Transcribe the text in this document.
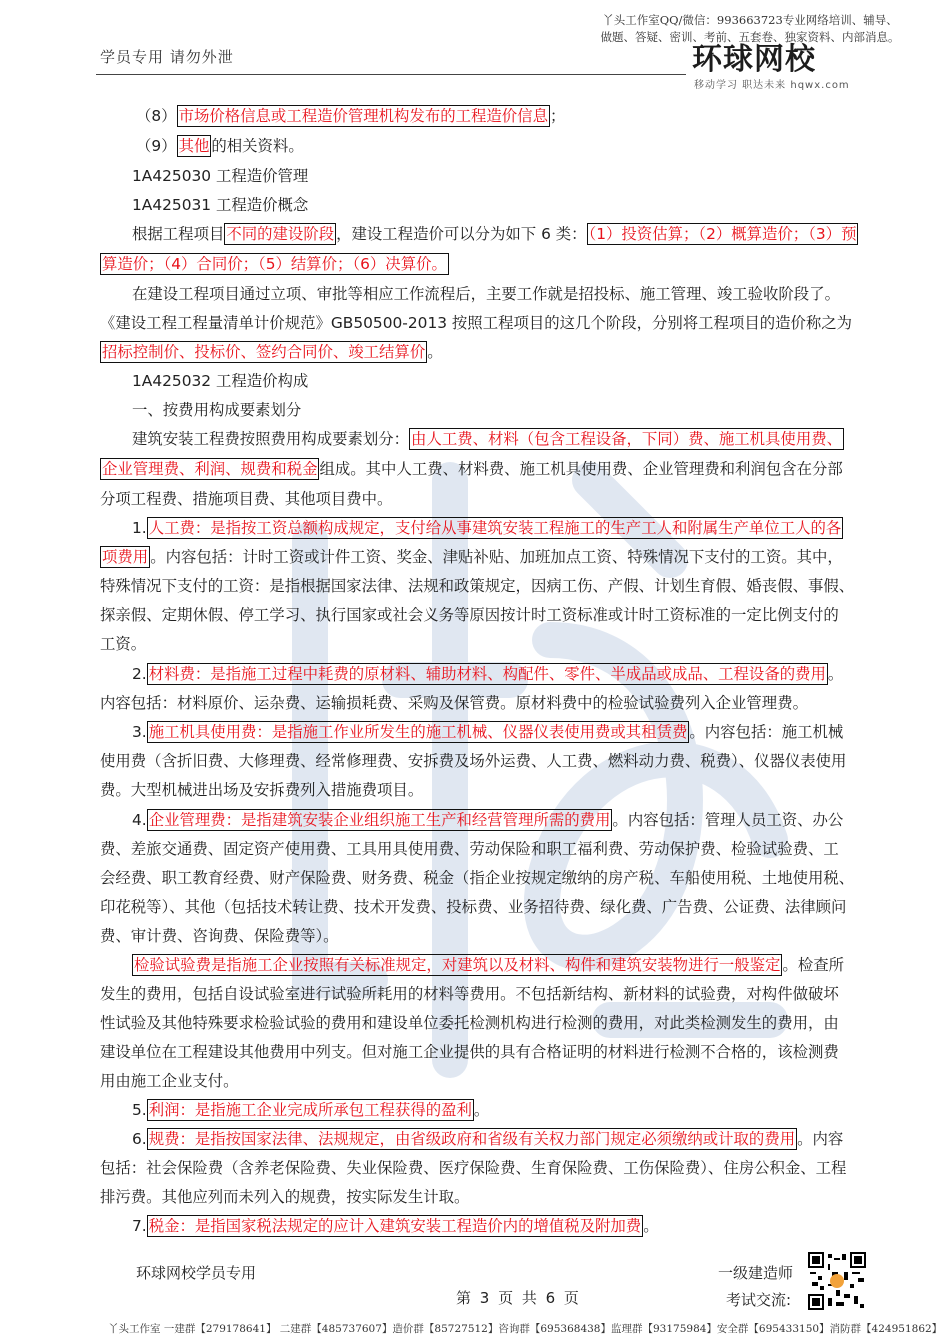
丫头工作室QQ/微信：993663723专业网络培训、辅导、
做题、答疑、密训、考前、五套卷、独家资料、内部消息。
学员专用 请勿外泄	环球网校
移动学习 职达未来 hqwx.com
（8） 市场价格信息或工程造价管理机构发布的工程造价信息 ；
（9） 其他 的相关资料。
1A425030 工程造价管理
1A425031 工程造价概念
根据工程项目 不同的建设阶段 ，建设工程造价可以分为如下 6 类： （1）投资估算；（2）概算造价；（3）预
算造价；（4）合同价；（5）结算价；（6）决算价。
在建设工程项目通过立项、审批等相应工作流程后，主要工作就是招投标、施工管理、竣工验收阶段了。
《建设工程工程量清单计价规范》GB50500-2013 按照工程项目的这几个阶段，分别将工程项目的造价称之为
招标控制价、投标价、签约合同价、竣工结算价 。
1A425032 工程造价构成
一、按费用构成要素划分
建筑安装工程费按照费用构成要素划分： 由人工费、材料（包含工程设备，下同）费、施工机具使用费、
企业管理费、利润、规费和税金 组成。其中人工费、材料费、施工机具使用费、企业管理费和利润包含在分部
分项工程费、措施项目费、其他项目费中。
1. 人工费：是指按工资总额构成规定，支付给从事建筑安装工程施工的生产工人和附属生产单位工人的各
项费用 。内容包括：计时工资或计件工资、奖金、津贴补贴、加班加点工资、特殊情况下支付的工资。其中，
特殊情况下支付的工资：是指根据国家法律、法规和政策规定，因病工伤、产假、计划生育假、婚丧假、事假、
探亲假、定期休假、停工学习、执行国家或社会义务等原因按计时工资标准或计时工资标准的一定比例支付的
工资。
2. 材料费：是指施工过程中耗费的原材料、辅助材料、构配件、零件、半成品或成品、工程设备的费用 。
内容包括：材料原价、运杂费、运输损耗费、采购及保管费。原材料费中的检验试验费列入企业管理费。
3. 施工机具使用费：是指施工作业所发生的施工机械、仪器仪表使用费或其租赁费 。内容包括：施工机械
使用费（含折旧费、大修理费、经常修理费、安拆费及场外运费、人工费、燃料动力费、税费）、仪器仪表使用
费。大型机械进出场及安拆费列入措施费项目。
4. 企业管理费：是指建筑安装企业组织施工生产和经营管理所需的费用 。内容包括：管理人员工资、办公
费、差旅交通费、固定资产使用费、工具用具使用费、劳动保险和职工福利费、劳动保护费、检验试验费、工
会经费、职工教育经费、财产保险费、财务费、税金（指企业按规定缴纳的房产税、车船使用税、土地使用税、
印花税等）、其他（包括技术转让费、技术开发费、投标费、业务招待费、绿化费、广告费、公证费、法律顾问
费、审计费、咨询费、保险费等）。
检验试验费是指施工企业按照有关标准规定，对建筑以及材料、构件和建筑安装物进行一般鉴定 。检查所
发生的费用，包括自设试验室进行试验所耗用的材料等费用。不包括新结构、新材料的试验费，对构件做破坏
性试验及其他特殊要求检验试验的费用和建设单位委托检测机构进行检测的费用，对此类检测发生的费用，由
建设单位在工程建设其他费用中列支。但对施工企业提供的具有合格证明的材料进行检测不合格的，该检测费
用由施工企业支付。
5. 利润：是指施工企业完成所承包工程获得的盈利 。
6. 规费：是指按国家法律、法规规定，由省级政府和省级有关权力部门规定必须缴纳或计取的费用 。内容
包括：社会保险费（含养老保险费、失业保险费、医疗保险费、生育保险费、工伤保险费）、住房公积金、工程
排污费。其他应列而未列入的规费，按实际发生计取。
7. 税金：是指国家税法规定的应计入建筑安装工程造价内的增值税及附加费 。
环球网校学员专用
第 3 页 共 6 页
一级建造师
考试交流:
丫头工作室 一建群【279178641】 二建群【485737607】造价群【85727512】咨询群【695368438】监理群【93175984】安全群【695433150】消防群【424951862】
